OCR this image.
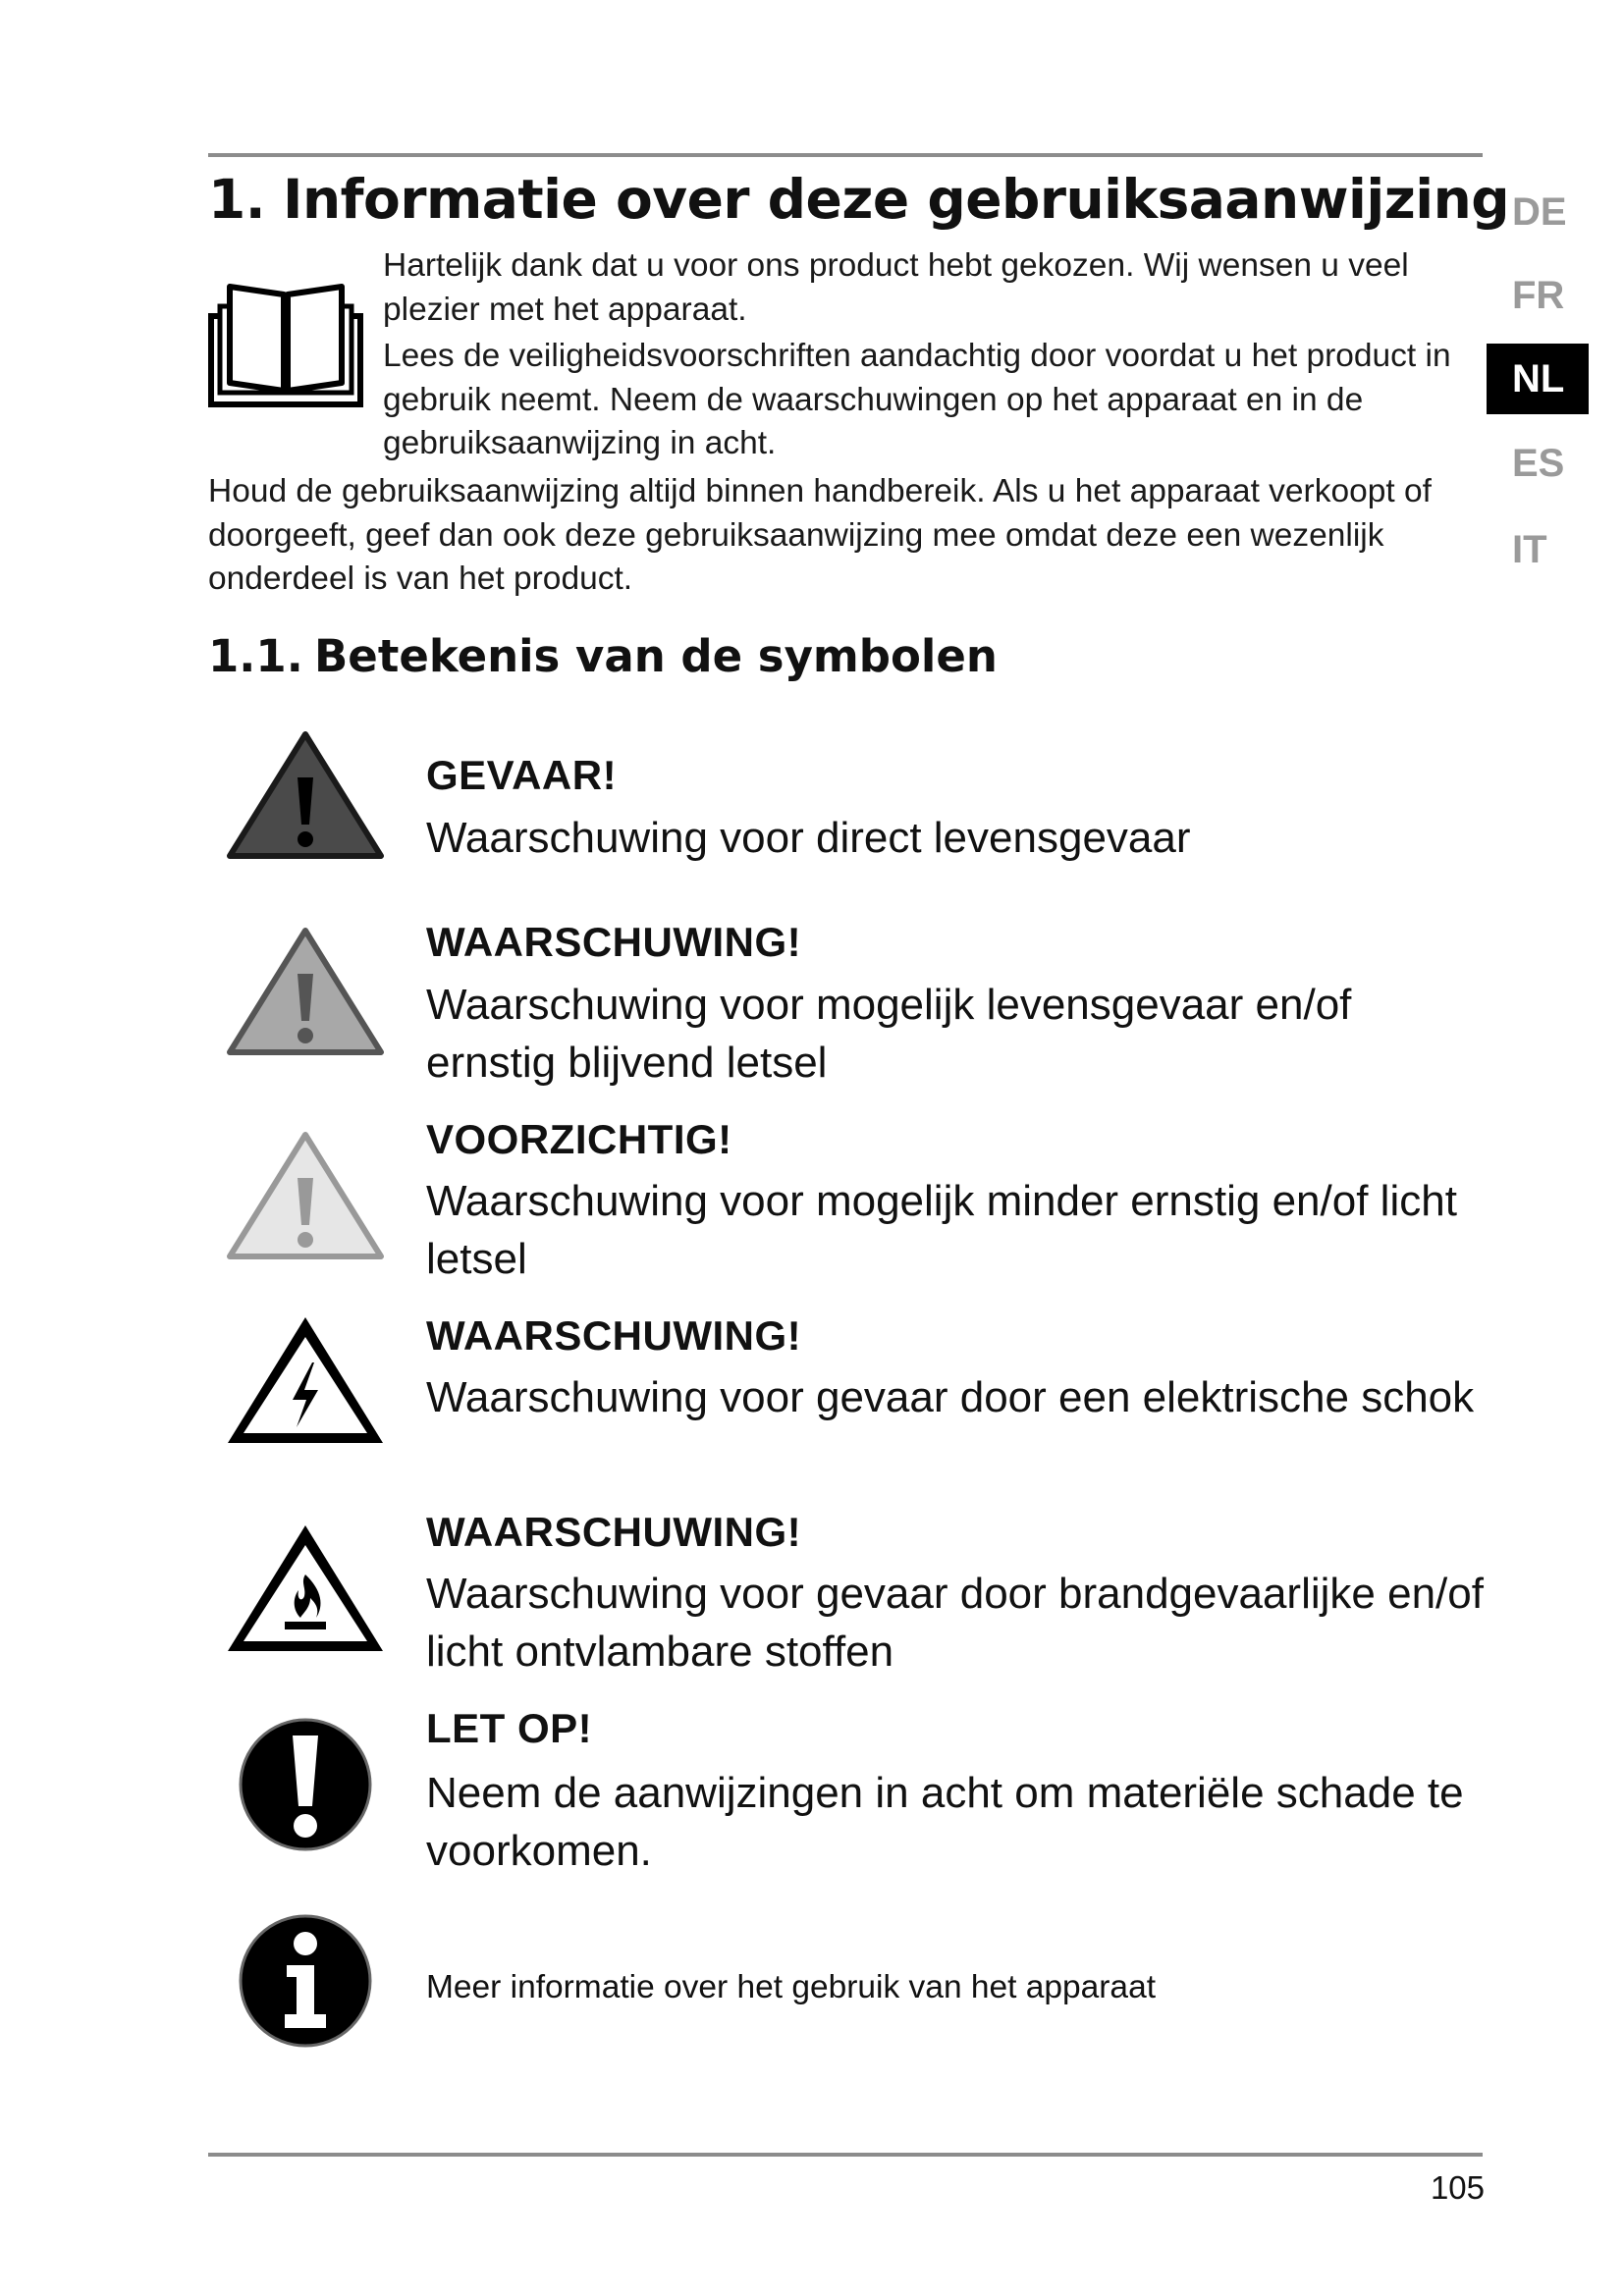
1. Informatie over deze gebruiksaanwijzing

Hartelijk dank dat u voor ons product hebt gekozen. Wij wensen u veel plezier met het apparaat.

Lees de veiligheidsvoorschriften aandachtig door voordat u het product in gebruik neemt. Neem de waarschuwingen op het apparaat en in de gebruiksaanwijzing in acht.

Houd de gebruiksaanwijzing altijd binnen handbereik. Als u het apparaat verkoopt of doorgeeft, geef dan ook deze gebruiksaanwijzing mee omdat deze een wezenlijk onderdeel is van het product.

1.1. Betekenis van de symbolen
DE
FR
NL
ES
IT

GEVAAR!

Waarschuwing voor direct levensgevaar

WAARSCHUWING!

Waarschuwing voor mogelijk levensgevaar en/of ernstig blijvend letsel

VOORZICHTIG!

Waarschuwing voor mogelijk minder ernstig en/of licht letsel

WAARSCHUWING!

Waarschuwing voor gevaar door een elektrische schok

WAARSCHUWING!

Waarschuwing voor gevaar door brandgevaarlijke en/of licht ontvlambare stoffen

LET OP!

Neem de aanwijzingen in acht om materiële schade te voorkomen.

Meer informatie over het gebruik van het apparaat

105
